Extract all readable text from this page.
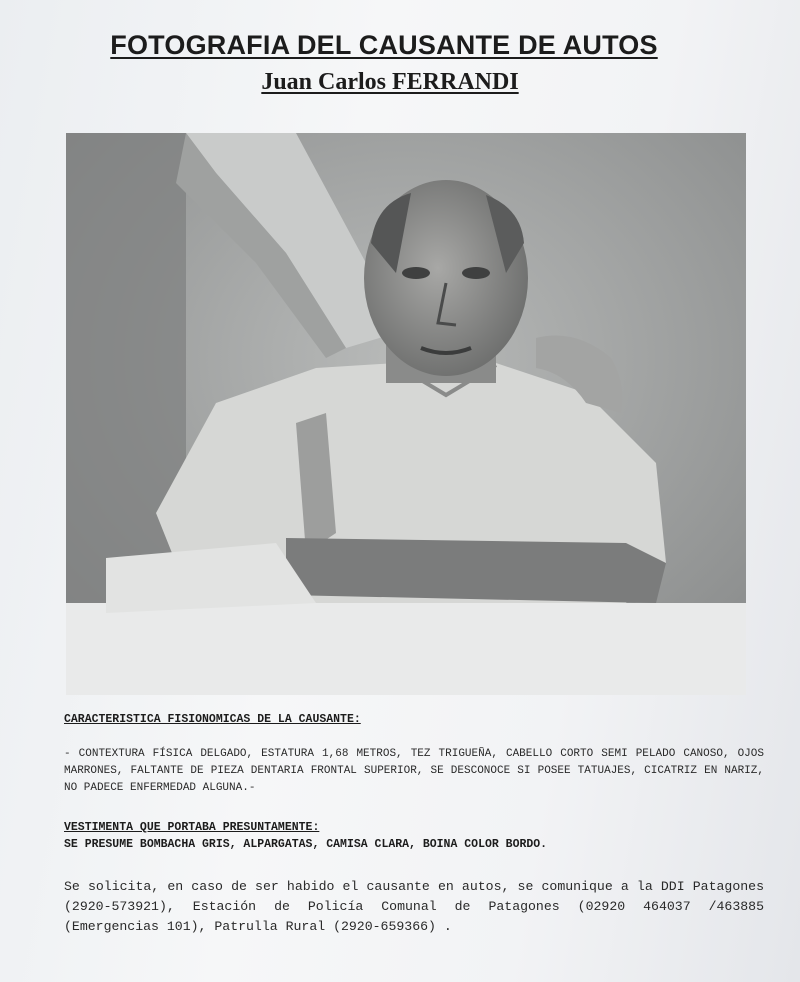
FOTOGRAFIA DEL CAUSANTE DE AUTOS
Juan Carlos FERRANDI

CARACTERISTICA FISIONOMICAS DE LA CAUSANTE:

- CONTEXTURA FÍSICA DELGADO, ESTATURA 1,68 METROS, TEZ TRIGUEÑA, CABELLO CORTO SEMI PELADO CANOSO, OJOS MARRONES, FALTANTE DE PIEZA DENTARIA FRONTAL SUPERIOR, SE DESCONOCE SI POSEE TATUAJES, CICATRIZ EN NARIZ, NO PADECE ENFERMEDAD ALGUNA.-

VESTIMENTA QUE PORTABA PRESUNTAMENTE:

SE PRESUME BOMBACHA GRIS, ALPARGATAS, CAMISA CLARA, BOINA COLOR BORDO.

Se solicita, en caso de ser habido el causante en autos, se comunique a la DDI Patagones (2920-573921), Estación de Policía Comunal de Patagones (02920 464037 /463885 (Emergencias 101), Patrulla Rural (2920-659366) .
